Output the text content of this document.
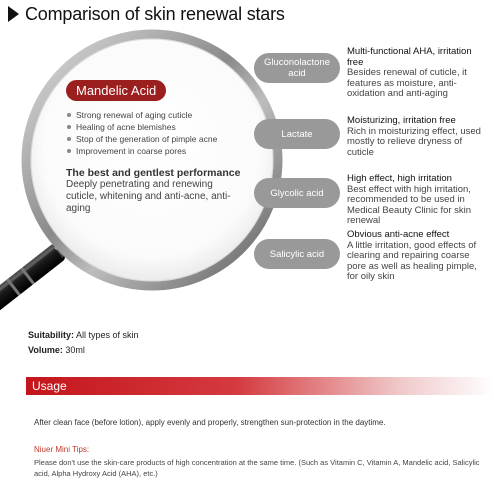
Comparison of skin renewal stars
Mandelic Acid
Strong renewal of aging cuticle
Healing of acne blemishes
Stop of the generation of pimple acne
Improvement in coarse pores
The best and gentlest performance
Deeply penetrating and renewing cuticle, whitening and anti-acne, anti-aging
Gluconolactone acid
Multi-functional AHA, irritation free
Besides renewal of cuticle, it features as moisture, anti-oxidation and anti-aging
Lactate
Moisturizing, irritation free
Rich in moisturizing effect, used mostly to relieve dryness of cuticle
Glycolic acid
High effect, high irritation
Best effect with high irritation, recommended to be used in Medical Beauty Clinic for skin renewal
Salicylic acid
Obvious anti-acne effect
A little irritation, good effects of clearing and repairing coarse pore as well as healing pimple, for oily skin
Suitability: All types of skin
Volume: 30ml
Usage
After clean face (before lotion), apply evenly and properly, strengthen sun-protection in the daytime.
Niuer Mini Tips:
Please don't use the skin-care products of high concentration at the same time. (Such as Vitamin C, Vitamin A, Mandelic acid, Salicylic acid, Alpha Hydroxy Acid (AHA), etc.)
